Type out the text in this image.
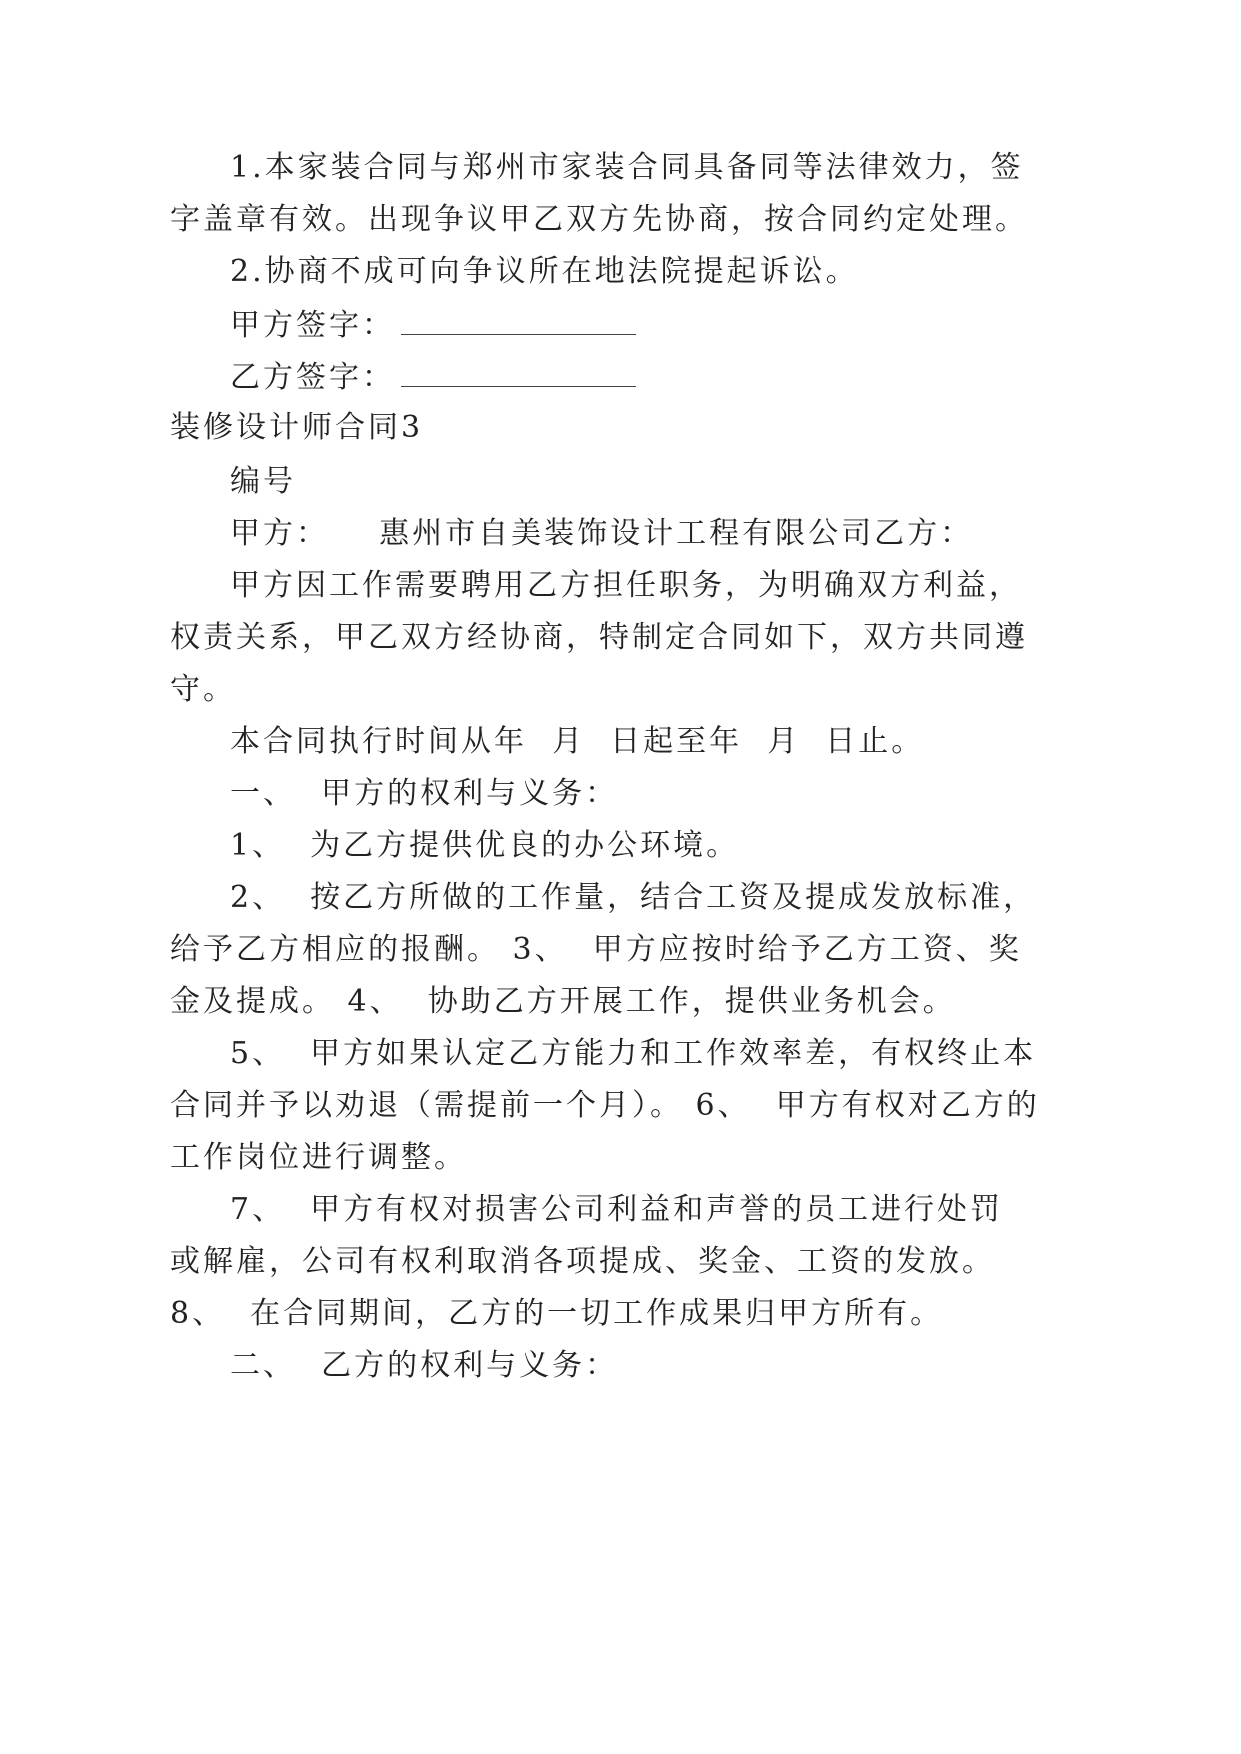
1.本家装合同与郑州市家装合同具备同等法律效力，签
字盖章有效。出现争议甲乙双方先协商，按合同约定处理。
2.协商不成可向争议所在地法院提起诉讼。
甲方签字：
乙方签字：
装修设计师合同3
编号
甲方：    惠州市自美装饰设计工程有限公司乙方：
甲方因工作需要聘用乙方担任职务，为明确双方利益，
权责关系，甲乙双方经协商，特制定合同如下，双方共同遵
守。
本合同执行时间从年  月  日起至年  月  日止。
一、  甲方的权利与义务：
1、  为乙方提供优良的办公环境。
2、  按乙方所做的工作量，结合工资及提成发放标准，
给予乙方相应的报酬。 3、  甲方应按时给予乙方工资、奖
金及提成。 4、  协助乙方开展工作，提供业务机会。
5、  甲方如果认定乙方能力和工作效率差，有权终止本
合同并予以劝退（需提前一个月）。 6、  甲方有权对乙方的
工作岗位进行调整。
7、  甲方有权对损害公司利益和声誉的员工进行处罚
或解雇，公司有权利取消各项提成、奖金、工资的发放。
8、  在合同期间，乙方的一切工作成果归甲方所有。
二、  乙方的权利与义务：
